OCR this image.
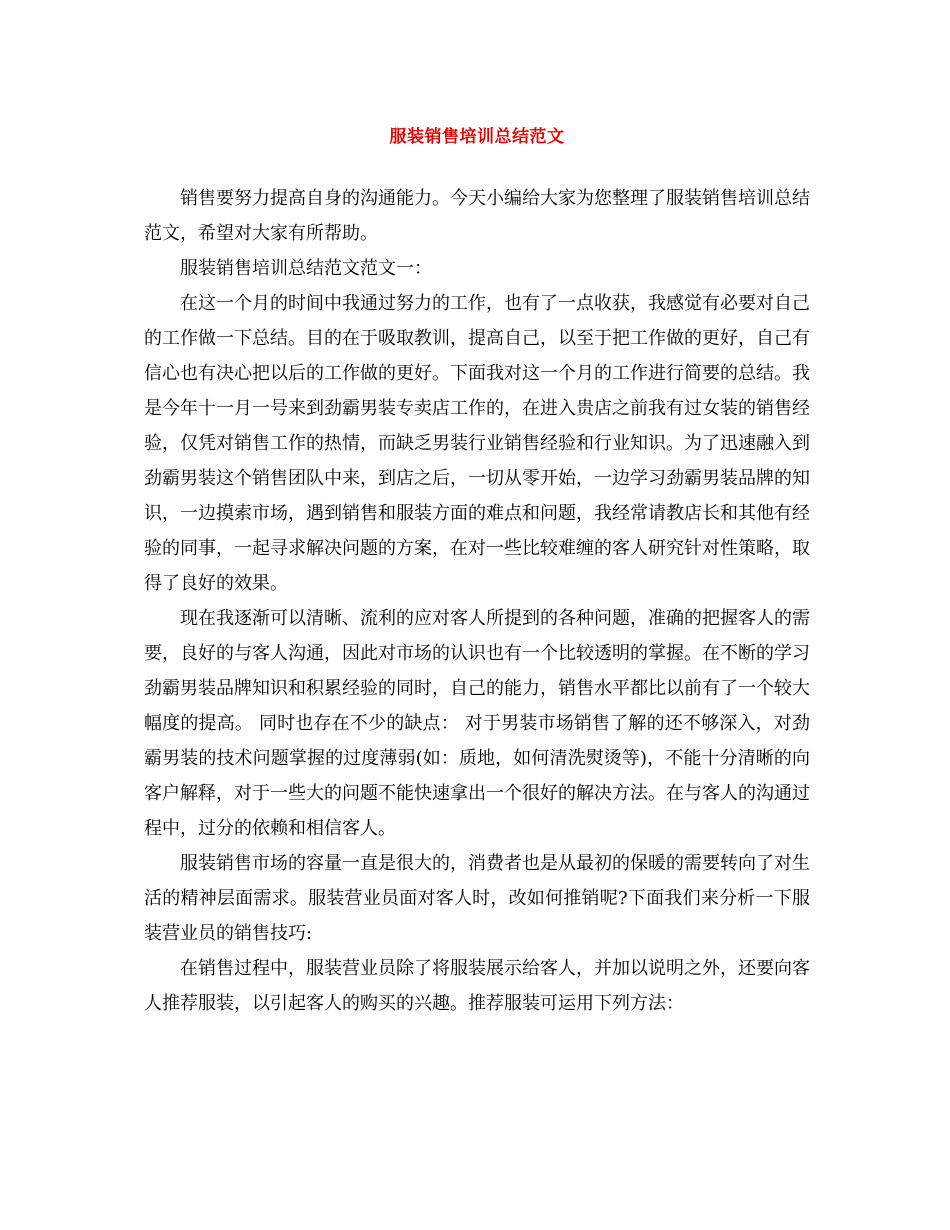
服装销售培训总结范文

销售要努力提高自身的沟通能力。今天小编给大家为您整理了服装销售培训总结范文，希望对大家有所帮助。

服装销售培训总结范文范文一：

在这一个月的时间中我通过努力的工作，也有了一点收获，我感觉有必要对自己的工作做一下总结。目的在于吸取教训，提高自己，以至于把工作做的更好，自己有信心也有决心把以后的工作做的更好。下面我对这一个月的工作进行简要的总结。我是今年十一月一号来到劲霸男装专卖店工作的，在进入贵店之前我有过女装的销售经验，仅凭对销售工作的热情，而缺乏男装行业销售经验和行业知识。为了迅速融入到劲霸男装这个销售团队中来，到店之后，一切从零开始，一边学习劲霸男装品牌的知识，一边摸索市场，遇到销售和服装方面的难点和问题，我经常请教店长和其他有经验的同事，一起寻求解决问题的方案，在对一些比较难缠的客人研究针对性策略，取得了良好的效果。

现在我逐渐可以清晰、流利的应对客人所提到的各种问题，准确的把握客人的需要，良好的与客人沟通，因此对市场的认识也有一个比较透明的掌握。在不断的学习劲霸男装品牌知识和积累经验的同时，自己的能力，销售水平都比以前有了一个较大幅度的提高。 同时也存在不少的缺点： 对于男装市场销售了解的还不够深入，对劲霸男装的技术问题掌握的过度薄弱(如：质地，如何清洗熨烫等)，不能十分清晰的向客户解释，对于一些大的问题不能快速拿出一个很好的解决方法。在与客人的沟通过程中，过分的依赖和相信客人。

服装销售市场的容量一直是很大的，消费者也是从最初的保暖的需要转向了对生活的精神层面需求。服装营业员面对客人时，改如何推销呢?下面我们来分析一下服装营业员的销售技巧:

在销售过程中，服装营业员除了将服装展示给客人，并加以说明之外，还要向客人推荐服装，以引起客人的购买的兴趣。推荐服装可运用下列方法：
